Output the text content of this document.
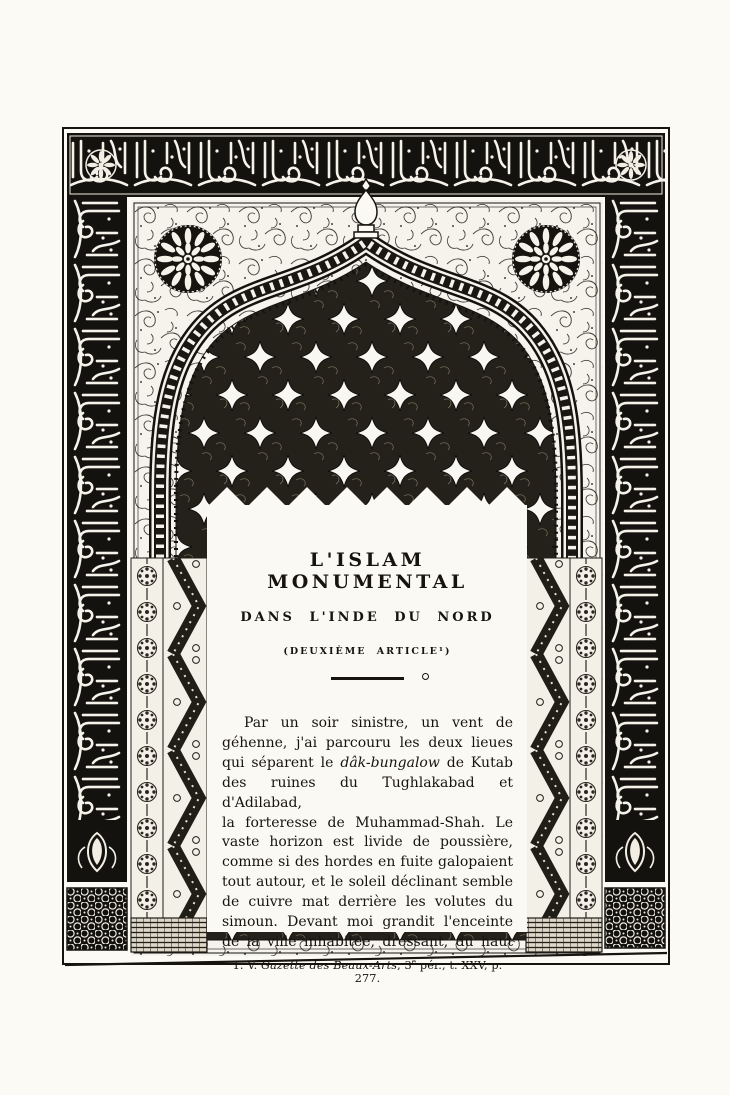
L'ISLAM MONUMENTAL
DANS L'INDE DU NORD
(DEUXIÈME ARTICLE¹)
Par un soir sinistre, un vent de
géhenne, j'ai parcouru les deux lieues
qui séparent le dâk-bungalow de Kutab
des ruines du Tughlakabad et d'Adilabad,
la forteresse de Muhammad-Shah. Le
vaste horizon est livide de poussière,
comme si des hordes en fuite galopaient
tout autour, et le soleil déclinant semble
de cuivre mat derrière les volutes du
simoun. Devant moi grandit l'enceinte
de la ville inhabitée, dressant, du haut
1. V. Gazette des Beaux-Arts, 3e pér., t. XXV, p. 277.
